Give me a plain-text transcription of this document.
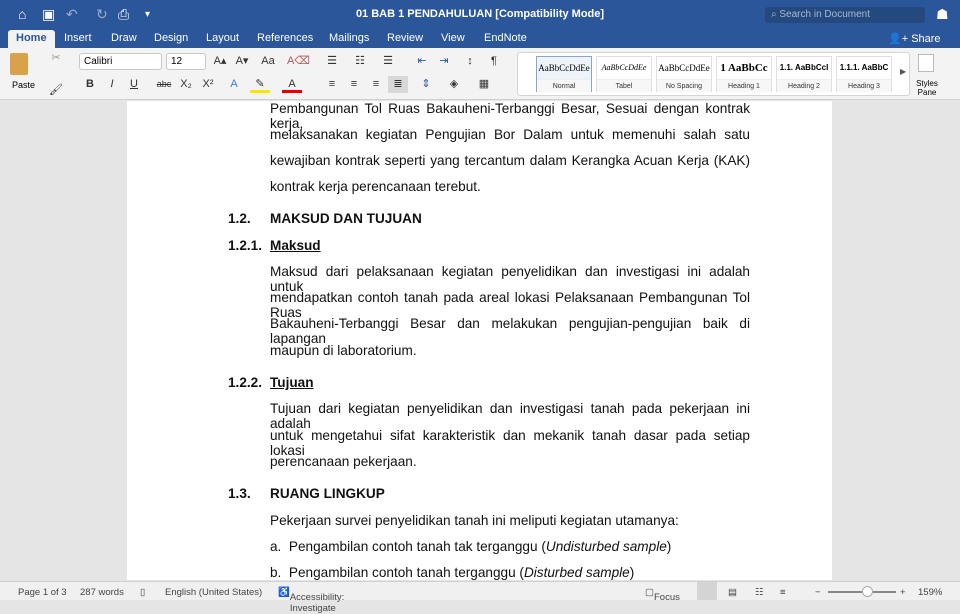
⌂ ▣ ↶ ↻ ⎙ ▾	01 BAB 1 PENDAHULUAN [Compatibility Mode]	⌕ Search in Document	☗
Home	Insert Draw Design Layout References Mailings Review View EndNote	👤+ Share
Paste
✂
🖌
Calibri	12	A▴ A▾	Aa A⌫
B	I	U	abc X₂ X²	A	✎	A
☰	☷	☰	⇤	⇥	↕	¶
≡	≡	≡	≣	⇕	◈	▦
AaBbCcDdEe
Normal
AaBbCcDdEe
Tabel
AaBbCcDdEe
No Spacing
1 AaBbCc
Heading 1
1.1. AaBbCcI
Heading 2
1.1.1. AaBbC
Heading 3
▶
Styles Pane
Pembangunan Tol Ruas Bakauheni-Terbanggi Besar, Sesuai dengan kontrak kerja,
melaksanakan kegiatan Pengujian Bor Dalam untuk memenuhi salah satu
kewajiban kontrak seperti yang tercantum dalam Kerangka Acuan Kerja (KAK)
kontrak kerja perencanaan terebut.
1.2. MAKSUD DAN TUJUAN
1.2.1. Maksud
Maksud dari pelaksanaan kegiatan penyelidikan dan investigasi ini adalah untuk
mendapatkan contoh tanah pada areal lokasi Pelaksanaan Pembangunan Tol Ruas
Bakauheni-Terbanggi Besar dan melakukan pengujian-pengujian baik di lapangan
maupun di laboratorium.
1.2.2. Tujuan
Tujuan dari kegiatan penyelidikan dan investigasi tanah pada pekerjaan ini adalah
untuk mengetahui sifat karakteristik dan mekanik tanah dasar pada setiap lokasi
perencanaan pekerjaan.
1.3. RUANG LINGKUP
Pekerjaan survei penyelidikan tanah ini meliputi kegiatan utamanya:
a. Pengambilan contoh tanah tak terganggu (Undisturbed sample)
b. Pengambilan contoh tanah terganggu (Disturbed sample)
Page 1 of 3 287 words ▯ English (United States) ♿ Accessibility: Investigate
▢ Focus	▤ ☷ ≡	−	+ 159%
